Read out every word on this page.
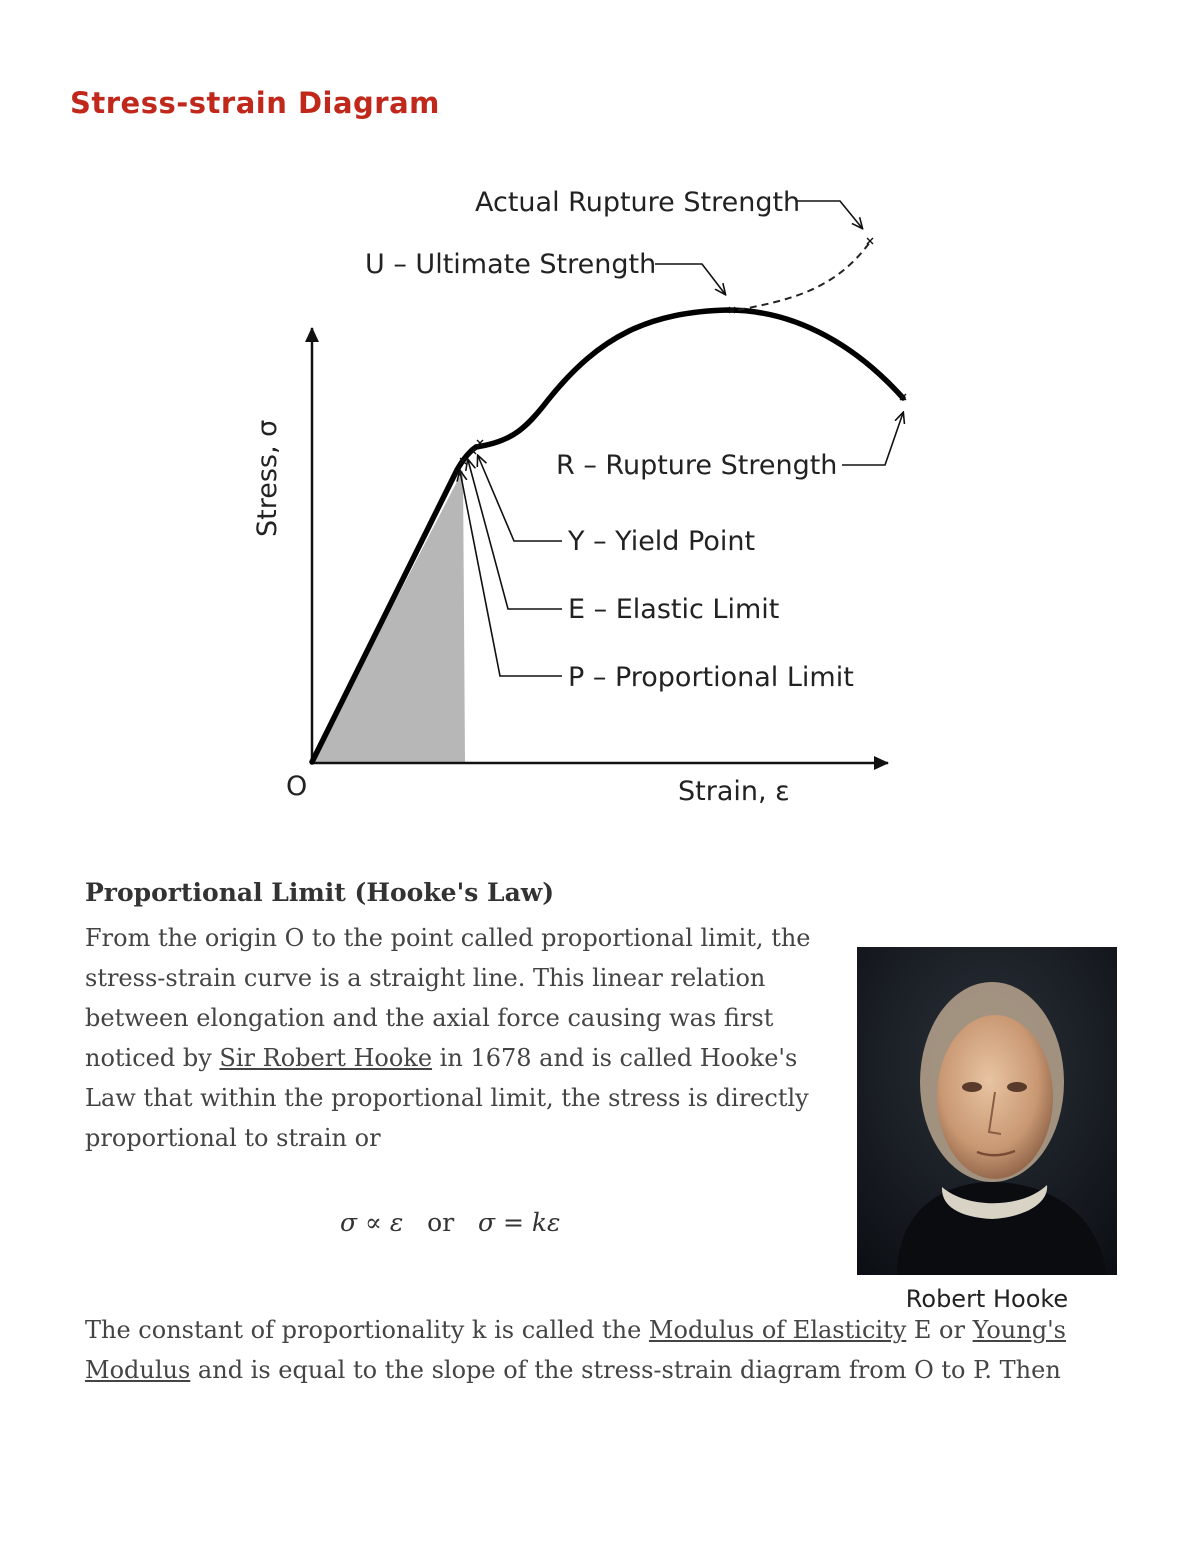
Stress-strain Diagram
Actual Rupture Strength
U – Ultimate Strength
R – Rupture Strength
Y – Yield Point
E – Elastic Limit
P – Proportional Limit
O	Strain, ε
Stress, σ
Proportional Limit (Hooke's Law)

From the origin O to the point called proportional limit, the stress-strain curve is a straight line. This linear relation between elongation and the axial force causing was first noticed by Sir Robert Hooke in 1678 and is called Hooke's Law that within the proportional limit, the stress is directly proportional to strain or

σ ∝ ε or σ = kε
Robert Hooke

The constant of proportionality k is called the Modulus of Elasticity E or Young's Modulus and is equal to the slope of the stress-strain diagram from O to P. Then
